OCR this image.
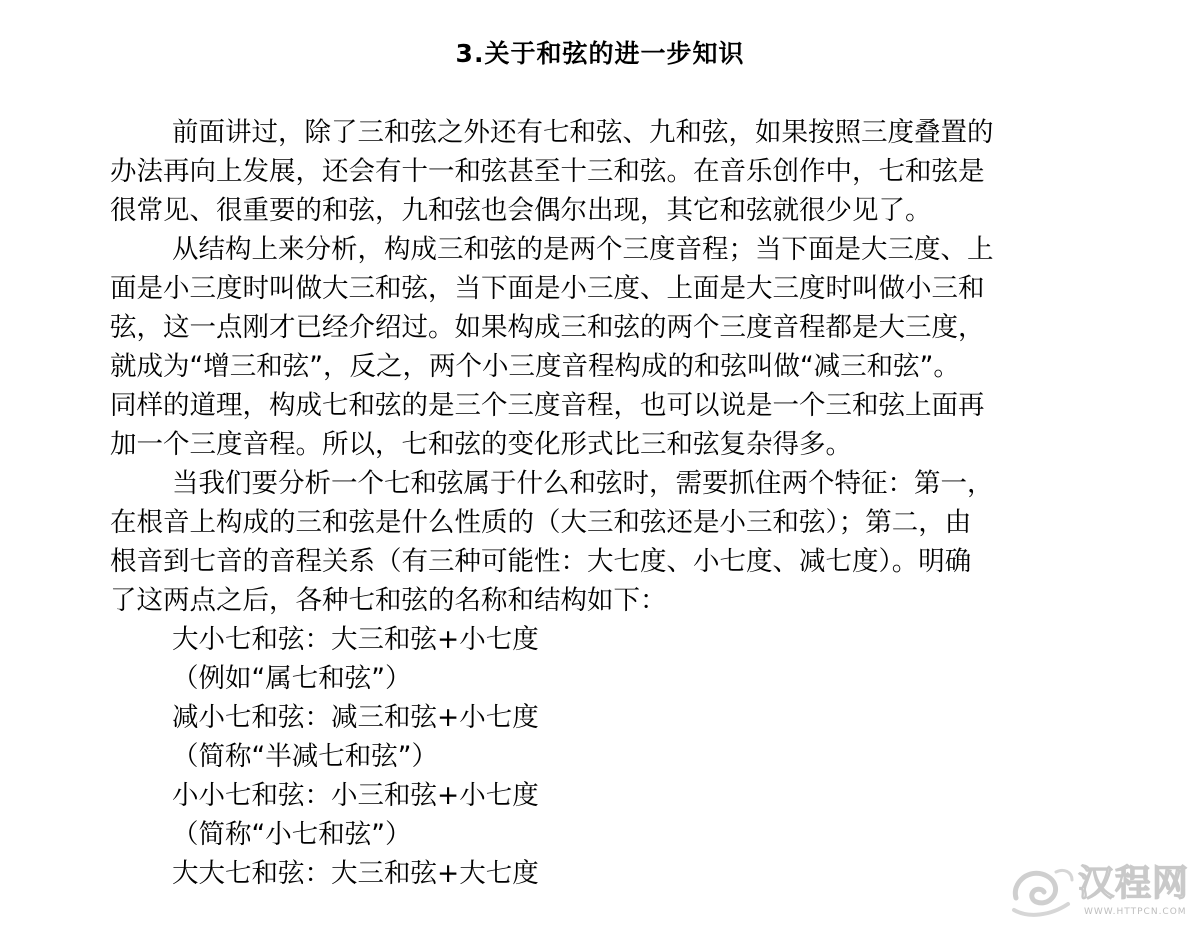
3.关于和弦的进一步知识
前面讲过，除了三和弦之外还有七和弦、九和弦，如果按照三度叠置的
办法再向上发展，还会有十一和弦甚至十三和弦。在音乐创作中，七和弦是
很常见、很重要的和弦，九和弦也会偶尔出现，其它和弦就很少见了。
从结构上来分析，构成三和弦的是两个三度音程；当下面是大三度、上
面是小三度时叫做大三和弦，当下面是小三度、上面是大三度时叫做小三和
弦，这一点刚才已经介绍过。如果构成三和弦的两个三度音程都是大三度，
就成为“增三和弦”，反之，两个小三度音程构成的和弦叫做“减三和弦”。
同样的道理，构成七和弦的是三个三度音程，也可以说是一个三和弦上面再
加一个三度音程。所以，七和弦的变化形式比三和弦复杂得多。
当我们要分析一个七和弦属于什么和弦时，需要抓住两个特征：第一，
在根音上构成的三和弦是什么性质的（大三和弦还是小三和弦）；第二，由
根音到七音的音程关系（有三种可能性：大七度、小七度、减七度）。明确
了这两点之后，各种七和弦的名称和结构如下：
大小七和弦：大三和弦+小七度
（例如“属七和弦”）
减小七和弦：减三和弦+小七度
（简称“半减七和弦”）
小小七和弦：小三和弦+小七度
（简称“小七和弦”）
大大七和弦：大三和弦+大七度	汉程网
WWW.HTTPCN.COM
